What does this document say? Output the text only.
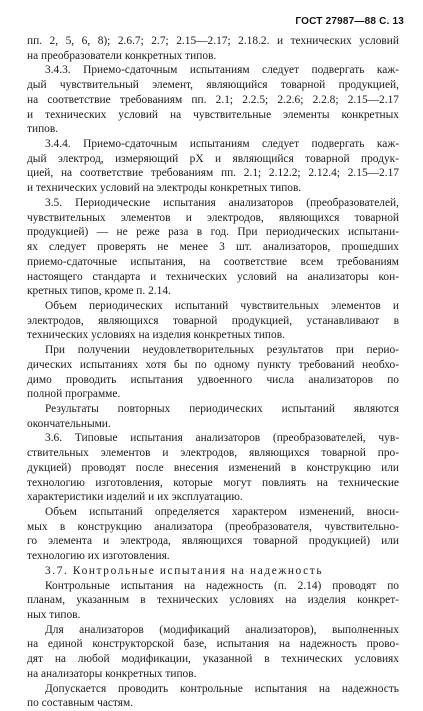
ГОСТ 27987—88 С. 13
пп. 2, 5, 6, 8); 2.6.7; 2.7; 2.15—2.17; 2.18.2. и технических условий
на преобразователи конкретных типов.
3.4.3. Приемо-сдаточным испытаниям следует подвергать каж-
дый чувствительный элемент, являющийся товарной продукцией,
на соответствие требованиям пп. 2.1; 2.2.5; 2.2.6; 2.2.8; 2.15—2.17
и технических условий на чувствительные элементы конкретных
типов.
3.4.4. Приемо-сдаточным испытаниям следует подвергать каж-
дый электрод, измеряющий pX и являющийся товарной продук-
цией, на соответствие требованиям пп. 2.1; 2.12.2; 2.12.4; 2.15—2.17
и технических условий на электроды конкретных типов.
3.5. Периодические испытания анализаторов (преобразователей,
чувствительных элементов и электродов, являющихся товарной
продукцией) — не реже раза в год. При периодических испытани-
ях следует проверять не менее 3 шт. анализаторов, прошедших
приемо-сдаточные испытания, на соответствие всем требованиям
настоящего стандарта и технических условий на анализаторы кон-
кретных типов, кроме п. 2.14.
Объем периодических испытаний чувствительных элементов и
электродов, являющихся товарной продукцией, устанавливают в
технических условиях на изделия конкретных типов.
При получении неудовлетворительных результатов при перио-
дических испытаниях хотя бы по одному пункту требований необхо-
димо проводить испытания удвоенного числа анализаторов по
полной программе.
Результаты повторных периодических испытаний являются
окончательными.
3.6. Типовые испытания анализаторов (преобразователей, чув-
ствительных элементов и электродов, являющихся товарной про-
дукцией) проводят после внесения изменений в конструкцию или
технологию изготовления, которые могут повлиять на технические
характеристики изделий и их эксплуатацию.
Объем испытаний определяется характером изменений, вноси-
мых в конструкцию анализатора (преобразователя, чувствительно-
го элемента и электрода, являющихся товарной продукцией) или
технологию их изготовления.
3.7. Контрольные испытания на надежность
Контрольные испытания на надежность (п. 2.14) проводят по
планам, указанным в технических условиях на изделия конкрет-
ных типов.
Для анализаторов (модификаций анализаторов), выполненных
на единой конструкторской базе, испытания на надежность прово-
дят на любой модификации, указанной в технических условиях
на анализаторы конкретных типов.
Допускается проводить контрольные испытания на надежность
по составным частям.
